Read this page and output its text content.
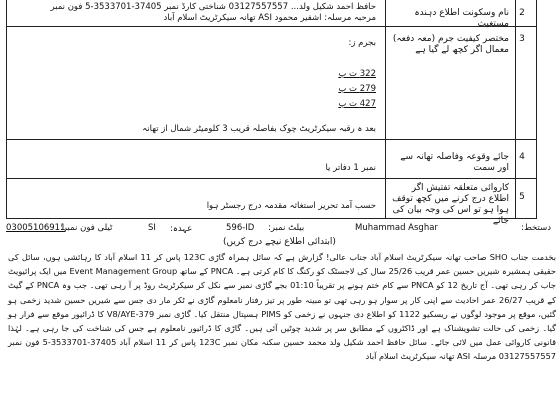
2
نام وسکونت اطلاع دہندہ مستغیث
حافظ احمد شکیل ولد... 03127557557 شناختی کارڈ نمبر 37405-3533701-5 فون نمبر
مرحبہ مرسلہ: اشفیر محمود ASI تھانہ سیکرٹریٹ اسلام آباد
3
مختصر کیفیت جرم (معہ دفعہ) معمال اگر کچھ لے گیا ہے
بجرم ز:
322 ت پ
279 ت پ
427 ت پ
بعد ہ رقبہ سیکرٹریٹ چوک بفاصلہ قریب 3 کلومیٹر شمال از تھانہ
4
جائے وقوعہ وفاصلہ تھانہ سے اور سمت
نمبر 1 دفاتر یا
5
کاروائی متعلقہ تفتیش اگر اطلاع درج کرنے میں کچھ توقف ہوا ہو تو اس کی وجہ بیان کی جائے
حسب آمد تحریر استغاثہ مقدمہ درج رجسٹر ہوا
دستخط:
Muhammad Asghar
بیلٹ نمبر:
596-ID
عہدہ:
SI
ٹیلی فون نمبر:
03005106911
(ابتدائی اطلاع نیچے درج کریں)
بخدمت جناب SHO صاحب تھانہ سیکرٹریٹ اسلام آباد جناب عالی! گزارش ہے کہ سائل ہمراہ گاڑی 123C پاس کر 11 اسلام آباد کا رہائشی ہوں، سائل کی حقیقی ہمشیرہ شیریں حسین عمر قریب 25/26 سال کی لاجسٹک کو رکنگ کا کام کرتی ہے۔ PNCA کے ساتھ Event Management Group میں ایک پرائیویٹ جاب کر رہی تھی۔ آج تاریخ 12 کو PNCA سے کام ختم ہونے پر تقریباً 01:10 بجے گاڑی نمبر سے نکل کر سیکرٹریٹ روڈ پر آ رہی تھی۔ جب وہ PNCA کے گیٹ کے قریب 26/27 عمر احادیث سے اپنی کار پر سوار ہو رہی تھی تو مبینہ طور پر تیز رفتار نامعلوم گاڑی نے ٹکر مار دی جس سے شیریں حسین شدید زخمی ہو گئیں، موقع پر موجود لوگوں نے ریسکیو 1122 کو اطلاع دی جنہوں نے زخمی کو PIMS ہسپتال منتقل کیا۔ گاڑی نمبر V8/AYE-379 کا ڈرائیور موقع سے فرار ہو گیا۔ زخمی کی حالت تشویشناک ہے اور ڈاکٹروں کے مطابق سر پر شدید چوٹیں آئی ہیں۔ گاڑی کا ڈرائیور نامعلوم ہے جس کی شناخت کی جا رہی ہے۔ لہٰذا قانونی کاروائی عمل میں لائی جائے۔ سائل حافظ احمد شکیل ولد محمد حسین سکنہ مکان نمبر 123C پاس کر 11 اسلام آباد 37405-3533701-5 فون نمبر 03127557557 مرسلہ ASI تھانہ سیکرٹریٹ اسلام آباد
